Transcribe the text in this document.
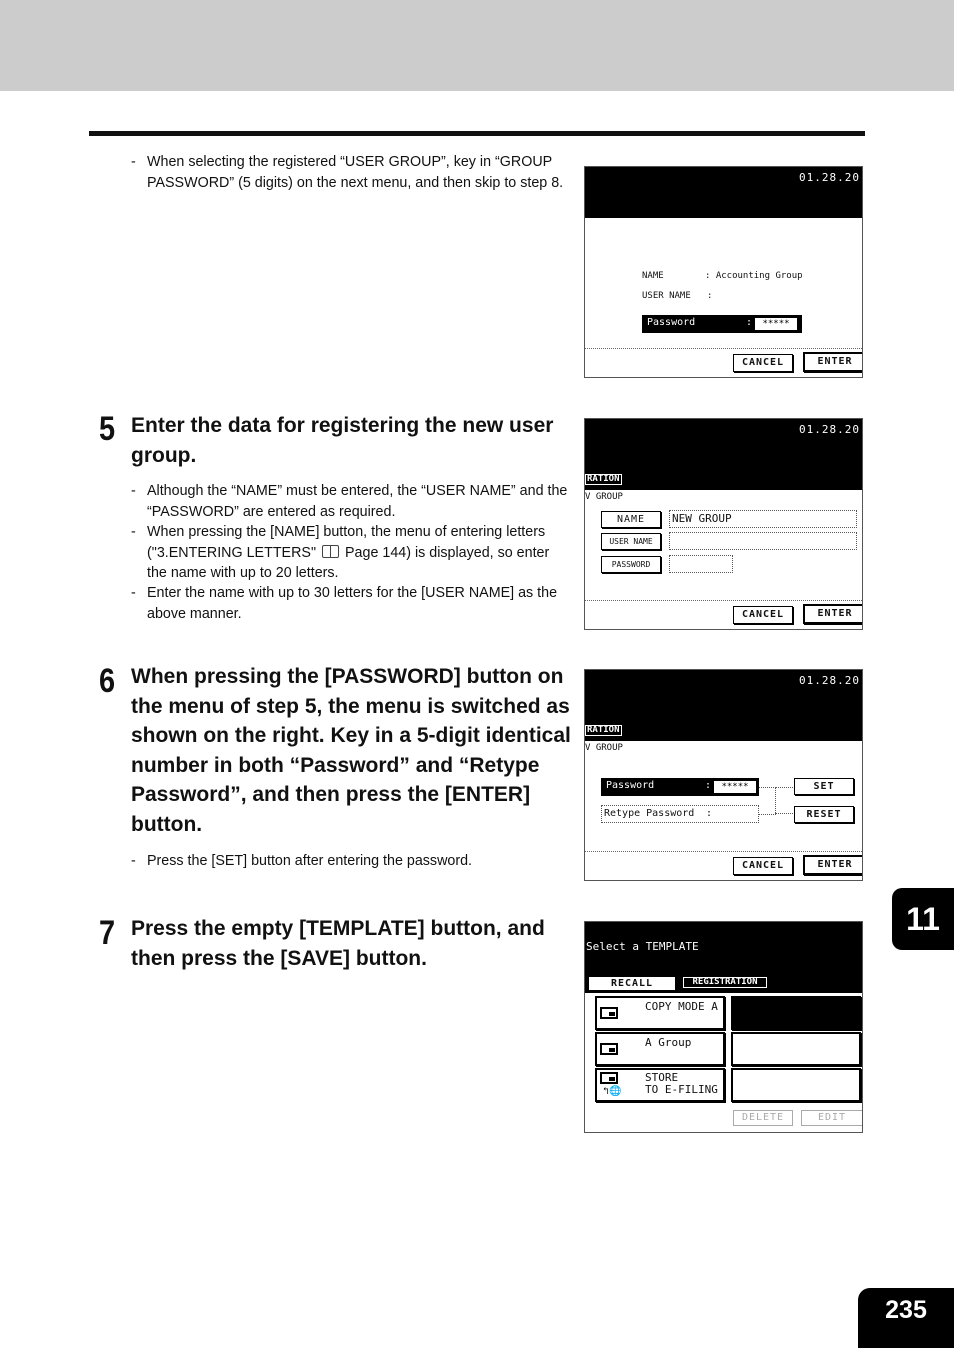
- When selecting the registered “USER GROUP”, key in “GROUP PASSWORD” (5 digits) on the next menu, and then skip to step 8.	01.28.20
NAME	: Accounting Group
USER NAME :
Password	:	*****
CANCEL	ENTER
5 Enter the data for registering the new user group.
- Although the “NAME” must be entered, the “USER NAME” and the “PASSWORD” are entered as required.
- When pressing the [NAME] button, the menu of entering letters ("3.ENTERING LETTERS" Page 144) is displayed, so enter the name with up to 20 letters.
- Enter the name with up to 30 letters for the [USER NAME] as the above manner.
01.28.20
RATION
V GROUP
NAME	NEW GROUP
USER NAME
PASSWORD
CANCEL	ENTER
6 When pressing the [PASSWORD] button on the menu of step 5, the menu is switched as shown on the right. Key in a 5-digit identical number in both “Password” and “Retype Password”, and then press the [ENTER] button.
- Press the [SET] button after entering the password.
01.28.20
RATION
V GROUP
Password	:	*****
Retype Password :
SET
RESET
CANCEL	ENTER
7 Press the empty [TEMPLATE] button, and then press the [SAVE] button.
Select a TEMPLATE
RECALL	REGISTRATION
COPY MODE A
A Group
↰🌐
STORE
TO E-FILING
DELETE	EDIT
11
235
